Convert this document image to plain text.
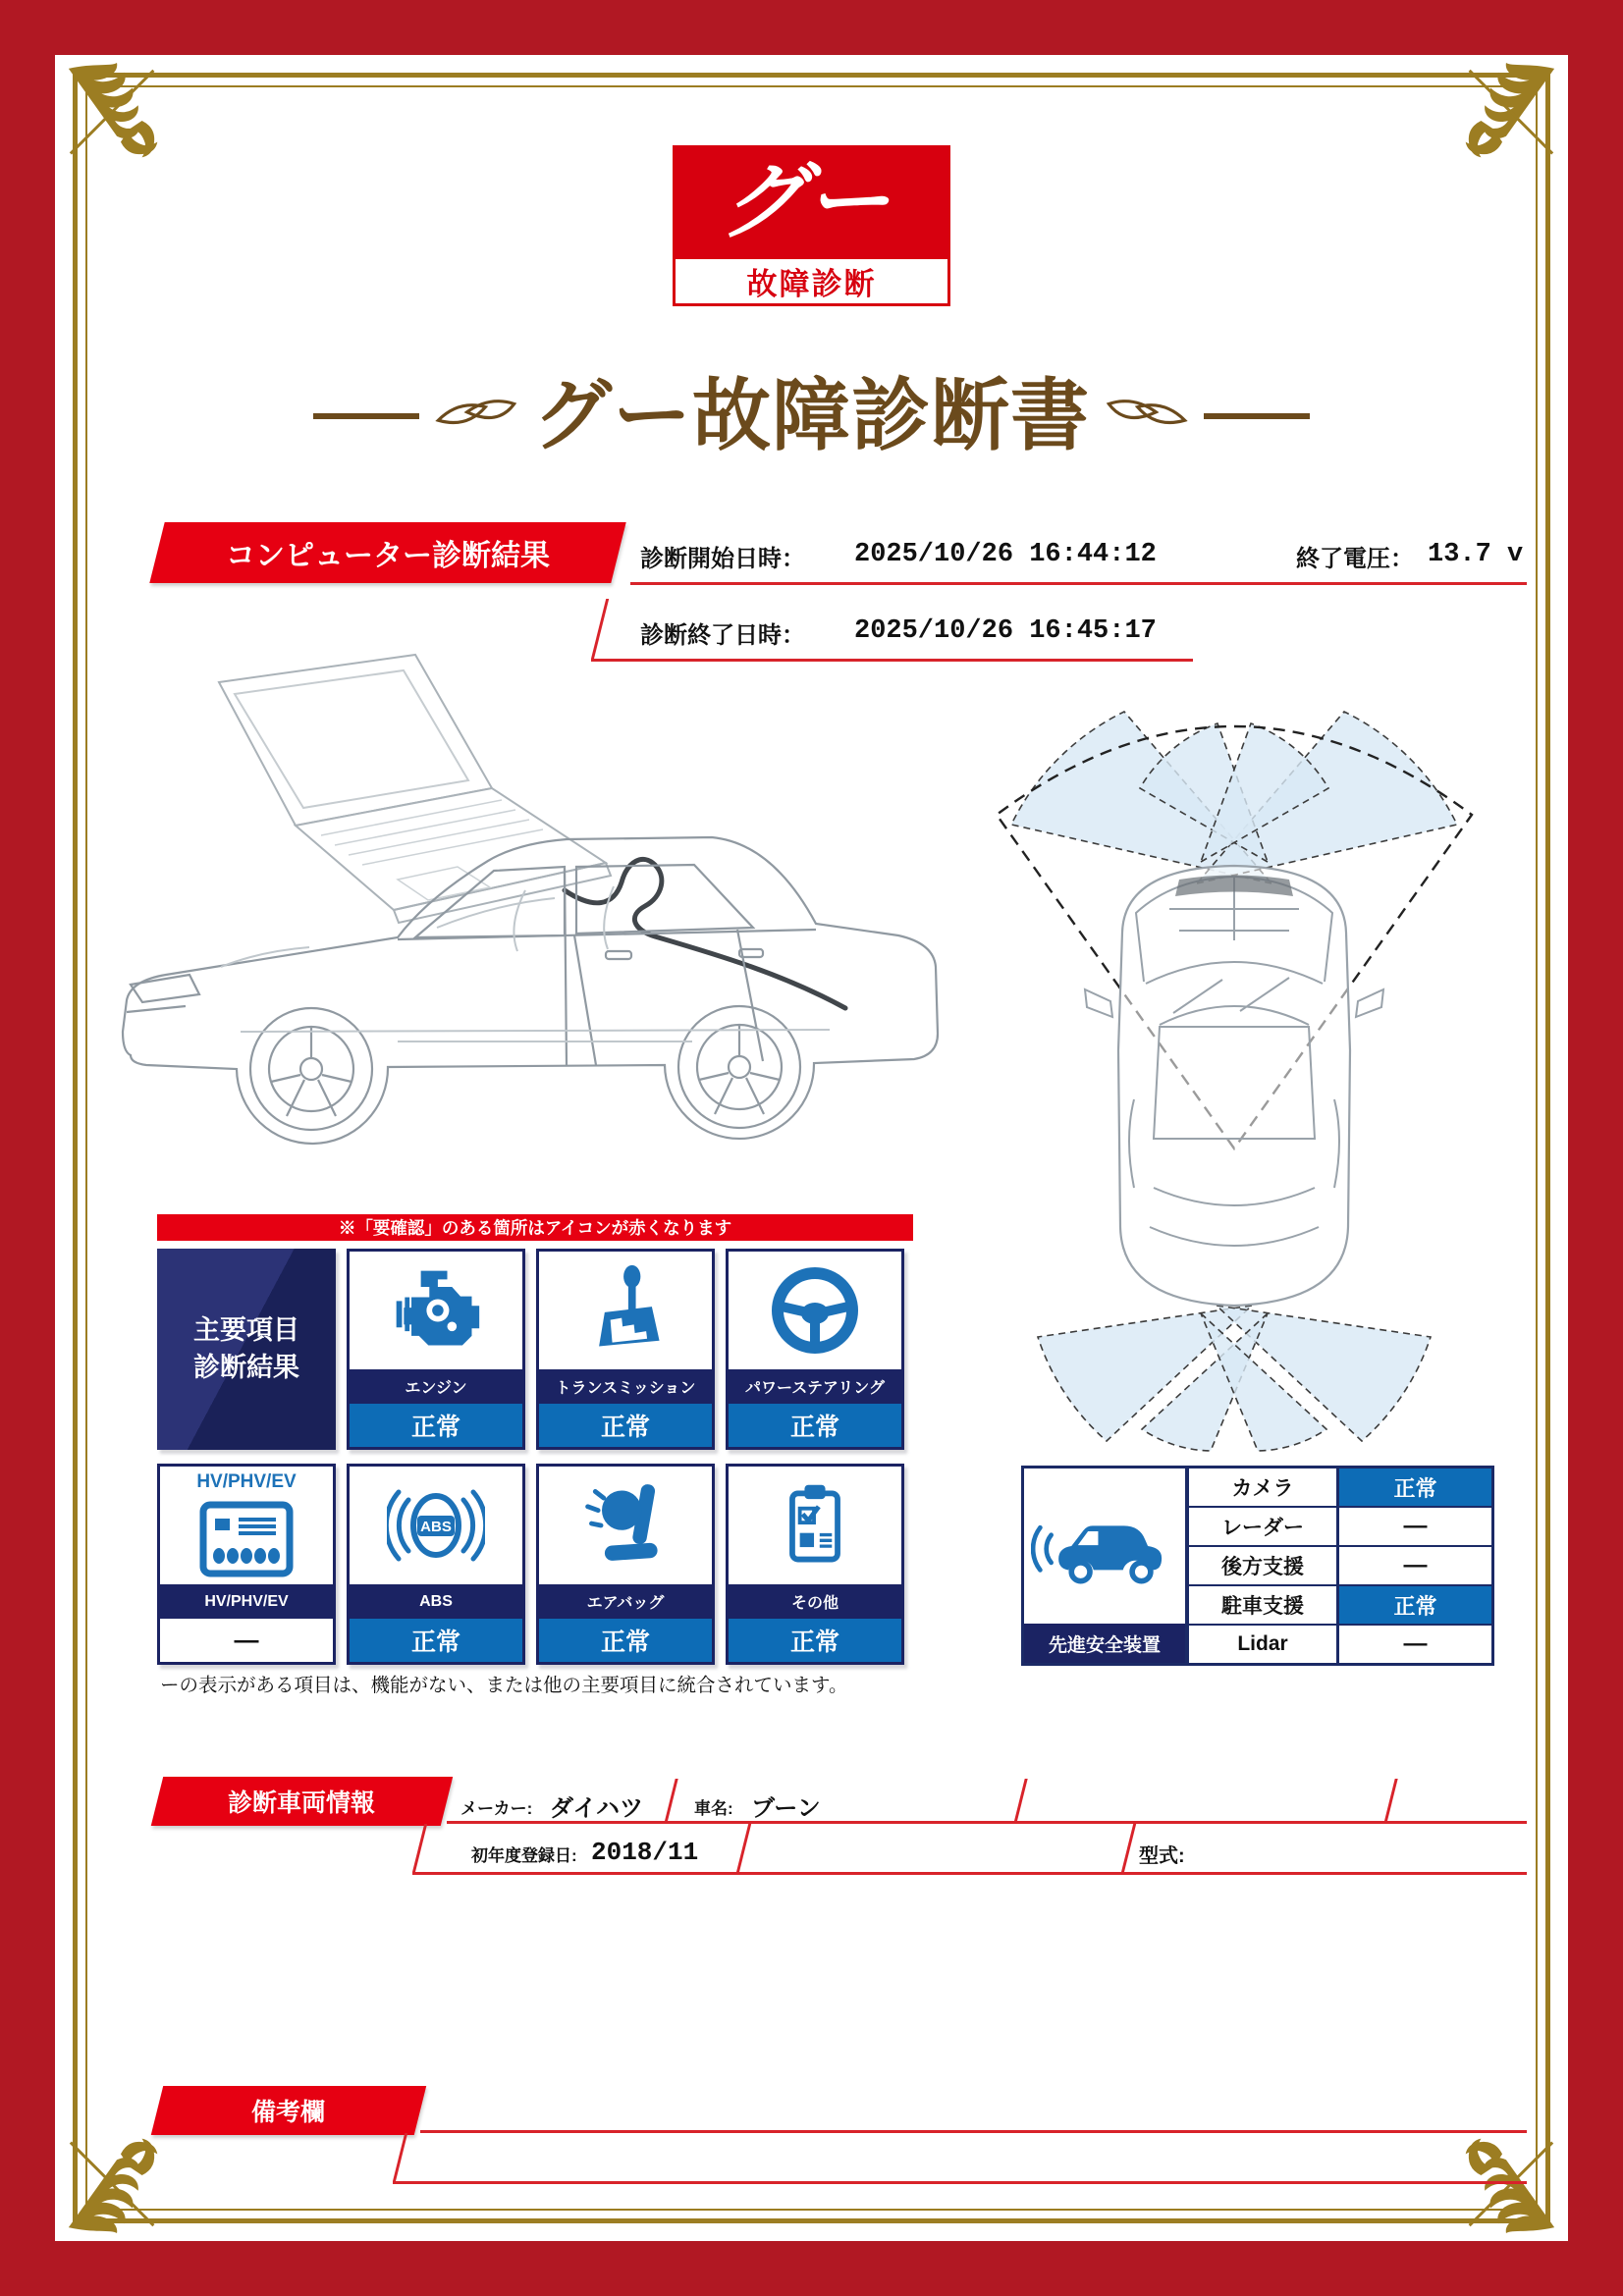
グー
故障診断
グー故障診断書
コンピューター診断結果	診断開始日時： 2025/10/26 16:44:12	終了電圧： 13.7 v
診断終了日時： 2025/10/26 16:45:17
※「要確認」のある箇所はアイコンが赤くなります
主要項目
診断結果
エンジン
正常
トランスミッション
正常
パワーステアリング
正常
HV/PHV/EV
HV/PHV/EV
—
ABS
ABS
正常
エアバッグ
正常
その他
正常
ーの表示がある項目は、機能がない、または他の主要項目に統合されています。
先進安全装置
カメラ	正常
レーダー	—
後方支援	—
駐車支援	正常
Lidar	—
診断車両情報	メーカー: ダイハツ	車名: ブーン
初年度登録日: 2018/11	型式:
備考欄
